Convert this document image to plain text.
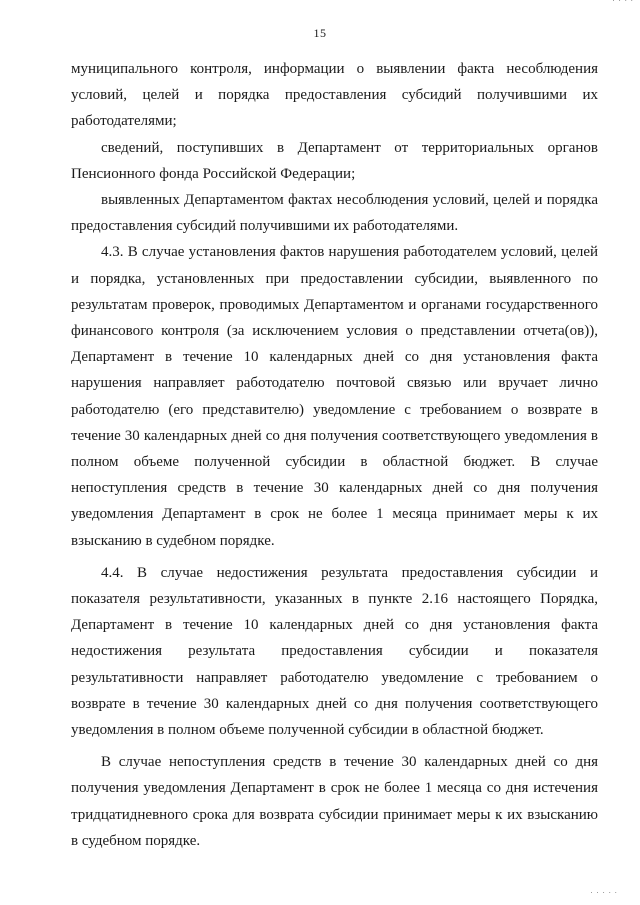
· · · ·
15

муниципального контроля, информации о выявлении факта несоблюдения условий, целей и порядка предоставления субсидий получившими их работодателями;

сведений, поступивших в Департамент от территориальных органов Пенсионного фонда Российской Федерации;

выявленных Департаментом фактах несоблюдения условий, целей и порядка предоставления субсидий получившими их работодателями.

4.3. В случае установления фактов нарушения работодателем условий, целей и порядка, установленных при предоставлении субсидии, выявленного по результатам проверок, проводимых Департаментом и органами государственного финансового контроля (за исключением условия о представлении отчета(ов)), Департамент в течение 10 календарных дней со дня установления факта нарушения направляет работодателю почтовой связью или вручает лично работодателю (его представителю) уведомление с требованием о возврате в течение 30 календарных дней со дня получения соответствующего уведомления в полном объеме полученной субсидии в областной бюджет. В случае непоступления средств в течение 30 календарных дней со дня получения уведомления Департамент в срок не более 1 месяца принимает меры к их взысканию в судебном порядке.

4.4. В случае недостижения результата предоставления субсидии и показателя результативности, указанных в пункте 2.16 настоящего Порядка, Департамент в течение 10 календарных дней со дня установления факта недостижения результата предоставления субсидии и показателя результативности направляет работодателю уведомление с требованием о возврате в течение 30 календарных дней со дня получения соответствующего уведомления в полном объеме полученной субсидии в областной бюджет.

В случае непоступления средств в течение 30 календарных дней со дня получения уведомления Департамент в срок не более 1 месяца со дня истечения тридцатидневного срока для возврата субсидии принимает меры к их взысканию в судебном порядке.

· · · · ·
